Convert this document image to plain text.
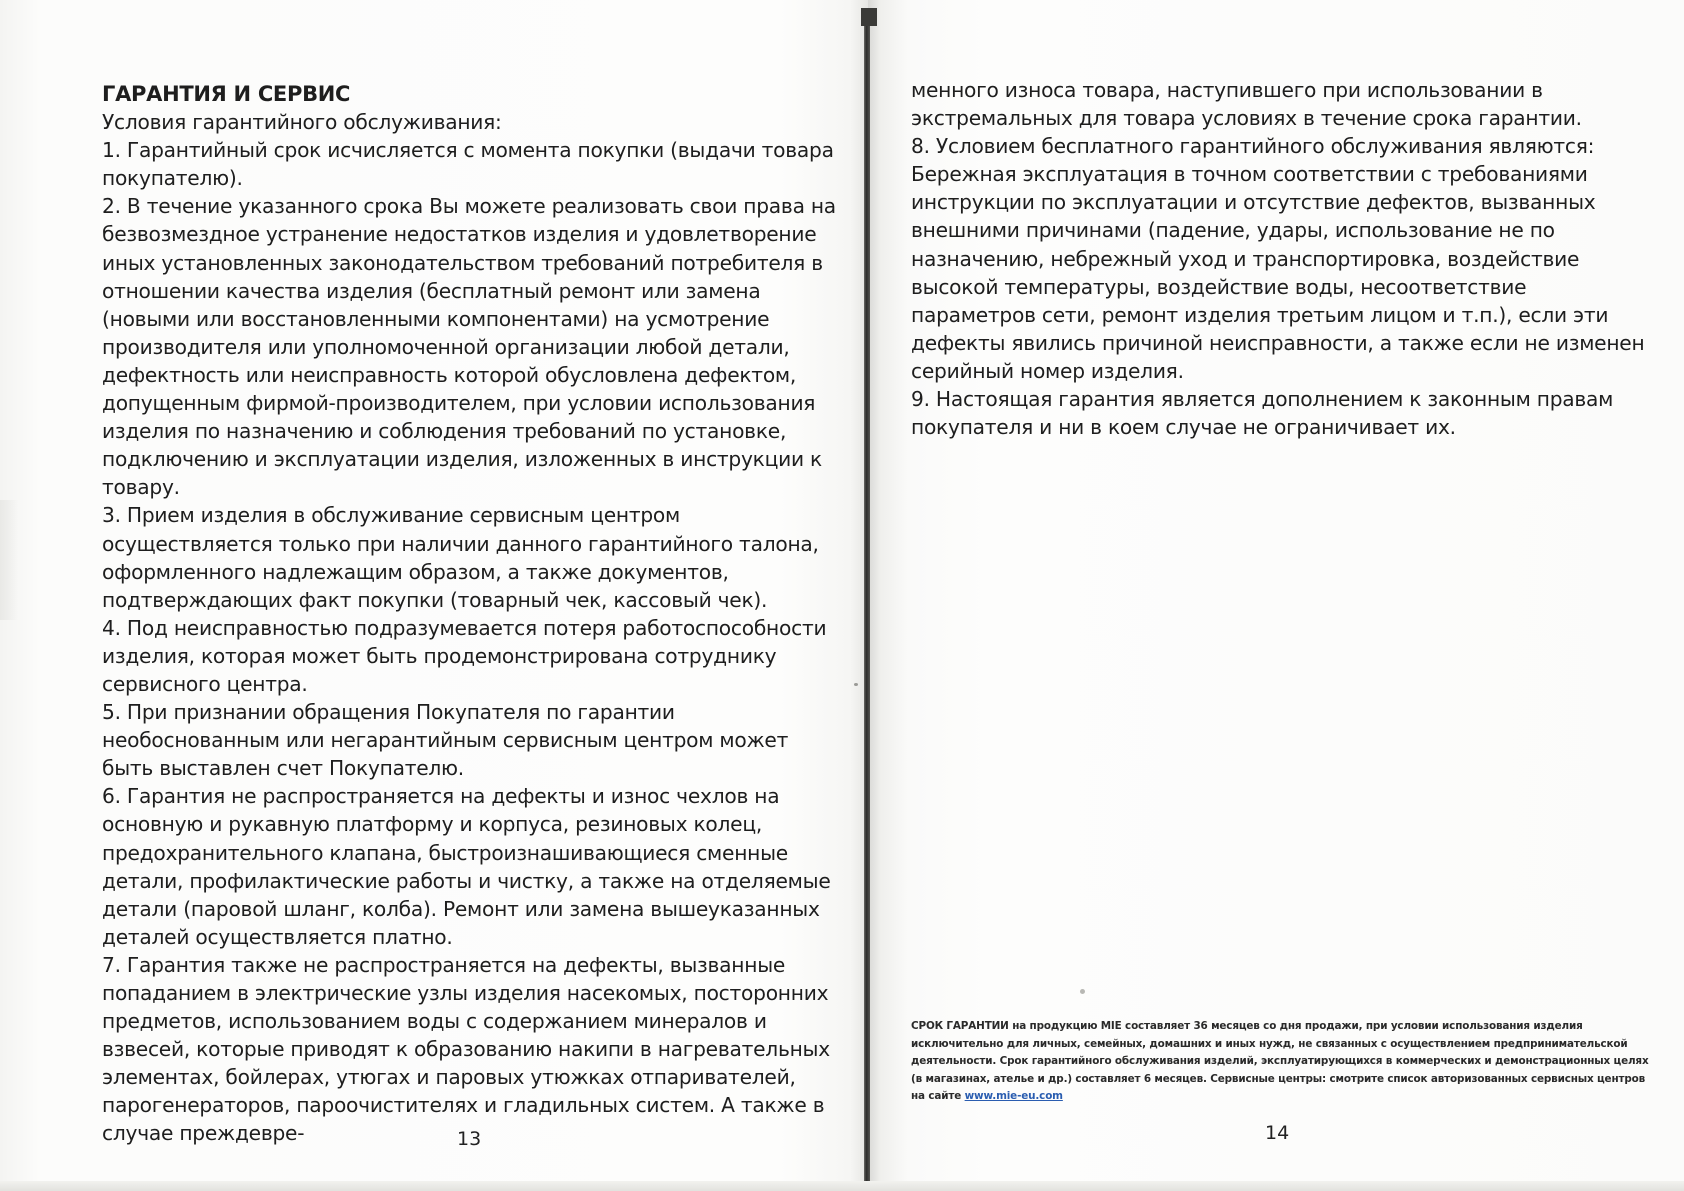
ГАРАНТИЯ И СЕРВИС

Условия гарантийного обслуживания:

1. Гарантийный срок исчисляется с момента покупки (выдачи товара покупателю).

2. В течение указанного срока Вы можете реализовать свои права на безвозмездное устранение недостатков изделия и удовлетворение иных установленных законодательством требований потребителя в отношении качества изделия (бесплатный ремонт или замена (новыми или восстановленными компонентами) на усмотрение производителя или уполномоченной организации любой детали, дефектность или неисправность которой обусловлена дефектом, допущенным фирмой-производителем, при условии использования изделия по назначению и соблюдения требований по установке, подключению и эксплуатации изделия, изложенных в инструкции к товару.

3. Прием изделия в обслуживание сервисным центром осуществляется только при наличии данного гарантийного талона, оформленного надлежащим образом, а также документов, подтверждающих факт покупки (товарный чек, кассовый чек).

4. Под неисправностью подразумевается потеря работоспособности изделия, которая может быть продемонстрирована сотруднику сервисного центра.

5. При признании обращения Покупателя по гарантии необоснованным или негарантийным сервисным центром может быть выставлен счет Покупателю.

6. Гарантия не распространяется на дефекты и износ чехлов на основную и рукавную платформу и корпуса, резиновых колец, предохранительного клапана, быстроизнашивающиеся сменные детали, профилактические работы и чистку, а также на отделяемые детали (паровой шланг, колба). Ремонт или замена вышеуказанных деталей осуществляется платно.

7. Гарантия также не распространяется на дефекты, вызванные попаданием в электрические узлы изделия насекомых, посторонних предметов, использованием воды с содержанием минералов и взвесей, которые приводят к образованию накипи в нагревательных элементах, бойлерах, утюгах и паровых утюжках отпаривателей, парогенераторов, пароочистителях и гладильных систем. А также в случае преждевре-	13

менного износа товара, наступившего при использовании в экстремальных для товара условиях в течение срока гарантии.

8. Условием бесплатного гарантийного обслуживания являются: Бережная эксплуатация в точном соответствии с требованиями инструкции по эксплуатации и отсутствие дефектов, вызванных внешними причинами (падение, удары, использование не по назначению, небрежный уход и транспортировка, воздействие высокой температуры, воздействие воды, несоответствие параметров сети, ремонт изделия третьим лицом и т.п.), если эти дефекты явились причиной неисправности, а также если не изменен серийный номер изделия.

9. Настоящая гарантия является дополнением к законным правам покупателя и ни в коем случае не ограничивает их.

СРОК ГАРАНТИИ на продукцию MIE составляет 36 месяцев со дня продажи, при условии использования изделия исключительно для личных, семейных, домашних и иных нужд, не связанных с осуществлением предпринимательской деятельности. Срок гарантийного обслуживания изделий, эксплуатирующихся в коммерческих и демонстрационных целях (в магазинах, ателье и др.) составляет 6 месяцев. Сервисные центры: смотрите список авторизованных сервисных центров на сайте www.mie-eu.com
14
